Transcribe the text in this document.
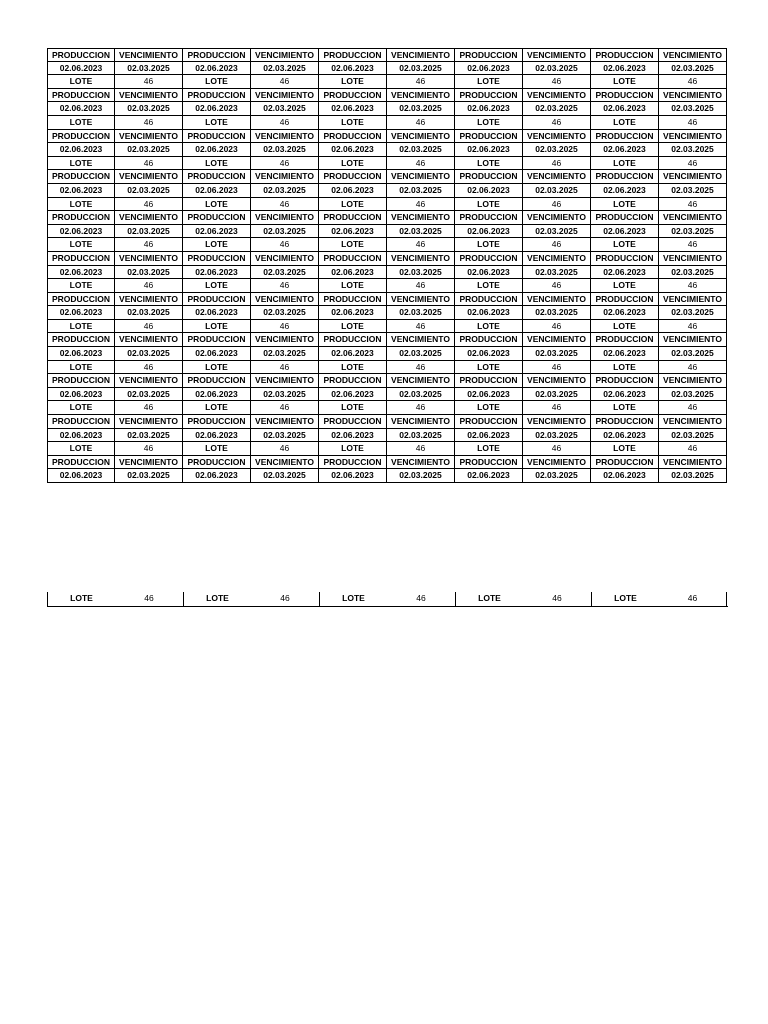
PRODUCCION	VENCIMIENTO	PRODUCCION	VENCIMIENTO	PRODUCCION	VENCIMIENTO	PRODUCCION	VENCIMIENTO	PRODUCCION	VENCIMIENTO
02.06.2023	02.03.2025	02.06.2023	02.03.2025	02.06.2023	02.03.2025	02.06.2023	02.03.2025	02.06.2023	02.03.2025
LOTE	46	LOTE	46	LOTE	46	LOTE	46	LOTE	46
PRODUCCION	VENCIMIENTO	PRODUCCION	VENCIMIENTO	PRODUCCION	VENCIMIENTO	PRODUCCION	VENCIMIENTO	PRODUCCION	VENCIMIENTO
02.06.2023	02.03.2025	02.06.2023	02.03.2025	02.06.2023	02.03.2025	02.06.2023	02.03.2025	02.06.2023	02.03.2025
LOTE	46	LOTE	46	LOTE	46	LOTE	46	LOTE	46
PRODUCCION	VENCIMIENTO	PRODUCCION	VENCIMIENTO	PRODUCCION	VENCIMIENTO	PRODUCCION	VENCIMIENTO	PRODUCCION	VENCIMIENTO
02.06.2023	02.03.2025	02.06.2023	02.03.2025	02.06.2023	02.03.2025	02.06.2023	02.03.2025	02.06.2023	02.03.2025
LOTE	46	LOTE	46	LOTE	46	LOTE	46	LOTE	46
PRODUCCION	VENCIMIENTO	PRODUCCION	VENCIMIENTO	PRODUCCION	VENCIMIENTO	PRODUCCION	VENCIMIENTO	PRODUCCION	VENCIMIENTO
02.06.2023	02.03.2025	02.06.2023	02.03.2025	02.06.2023	02.03.2025	02.06.2023	02.03.2025	02.06.2023	02.03.2025
LOTE	46	LOTE	46	LOTE	46	LOTE	46	LOTE	46
PRODUCCION	VENCIMIENTO	PRODUCCION	VENCIMIENTO	PRODUCCION	VENCIMIENTO	PRODUCCION	VENCIMIENTO	PRODUCCION	VENCIMIENTO
02.06.2023	02.03.2025	02.06.2023	02.03.2025	02.06.2023	02.03.2025	02.06.2023	02.03.2025	02.06.2023	02.03.2025
LOTE	46	LOTE	46	LOTE	46	LOTE	46	LOTE	46
PRODUCCION	VENCIMIENTO	PRODUCCION	VENCIMIENTO	PRODUCCION	VENCIMIENTO	PRODUCCION	VENCIMIENTO	PRODUCCION	VENCIMIENTO
02.06.2023	02.03.2025	02.06.2023	02.03.2025	02.06.2023	02.03.2025	02.06.2023	02.03.2025	02.06.2023	02.03.2025
LOTE	46	LOTE	46	LOTE	46	LOTE	46	LOTE	46
PRODUCCION	VENCIMIENTO	PRODUCCION	VENCIMIENTO	PRODUCCION	VENCIMIENTO	PRODUCCION	VENCIMIENTO	PRODUCCION	VENCIMIENTO
02.06.2023	02.03.2025	02.06.2023	02.03.2025	02.06.2023	02.03.2025	02.06.2023	02.03.2025	02.06.2023	02.03.2025
LOTE	46	LOTE	46	LOTE	46	LOTE	46	LOTE	46
PRODUCCION	VENCIMIENTO	PRODUCCION	VENCIMIENTO	PRODUCCION	VENCIMIENTO	PRODUCCION	VENCIMIENTO	PRODUCCION	VENCIMIENTO
02.06.2023	02.03.2025	02.06.2023	02.03.2025	02.06.2023	02.03.2025	02.06.2023	02.03.2025	02.06.2023	02.03.2025
LOTE	46	LOTE	46	LOTE	46	LOTE	46	LOTE	46
PRODUCCION	VENCIMIENTO	PRODUCCION	VENCIMIENTO	PRODUCCION	VENCIMIENTO	PRODUCCION	VENCIMIENTO	PRODUCCION	VENCIMIENTO
02.06.2023	02.03.2025	02.06.2023	02.03.2025	02.06.2023	02.03.2025	02.06.2023	02.03.2025	02.06.2023	02.03.2025
LOTE	46	LOTE	46	LOTE	46	LOTE	46	LOTE	46
PRODUCCION	VENCIMIENTO	PRODUCCION	VENCIMIENTO	PRODUCCION	VENCIMIENTO	PRODUCCION	VENCIMIENTO	PRODUCCION	VENCIMIENTO
02.06.2023	02.03.2025	02.06.2023	02.03.2025	02.06.2023	02.03.2025	02.06.2023	02.03.2025	02.06.2023	02.03.2025
LOTE	46	LOTE	46	LOTE	46	LOTE	46	LOTE	46
PRODUCCION	VENCIMIENTO	PRODUCCION	VENCIMIENTO	PRODUCCION	VENCIMIENTO	PRODUCCION	VENCIMIENTO	PRODUCCION	VENCIMIENTO
02.06.2023	02.03.2025	02.06.2023	02.03.2025	02.06.2023	02.03.2025	02.06.2023	02.03.2025	02.06.2023	02.03.2025
LOTE	46	LOTE	46	LOTE	46	LOTE	46	LOTE	46
